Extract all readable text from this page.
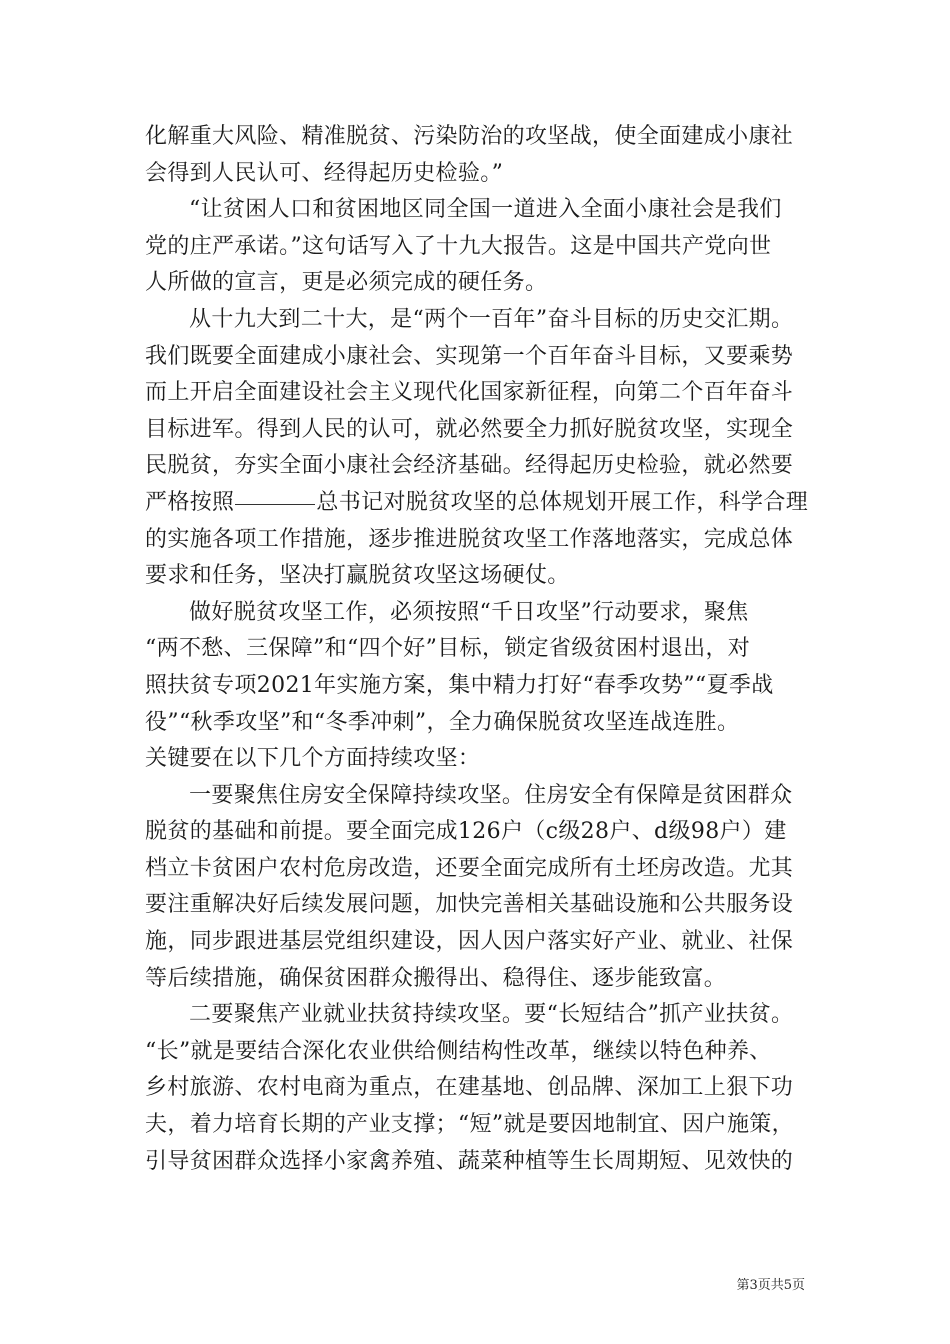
化解重大风险、精准脱贫、污染防治的攻坚战，使全面建成小康社
会得到人民认可、经得起历史检验。”
“让贫困人口和贫困地区同全国一道进入全面小康社会是我们
党的庄严承诺。”这句话写入了十九大报告。这是中国共产党向世
人所做的宣言，更是必须完成的硬任务。
从十九大到二十大，是“两个一百年”奋斗目标的历史交汇期。
我们既要全面建成小康社会、实现第一个百年奋斗目标，又要乘势
而上开启全面建设社会主义现代化国家新征程，向第二个百年奋斗
目标进军。得到人民的认可，就必然要全力抓好脱贫攻坚，实现全
民脱贫，夯实全面小康社会经济基础。经得起历史检验，就必然要
严格按照	总书记对脱贫攻坚的总体规划开展工作，科学合理
的实施各项工作措施，逐步推进脱贫攻坚工作落地落实，完成总体
要求和任务，坚决打赢脱贫攻坚这场硬仗。
做好脱贫攻坚工作，必须按照“千日攻坚”行动要求，聚焦
“两不愁、三保障”和“四个好”目标，锁定省级贫困村退出，对
照扶贫专项2021年实施方案，集中精力打好“春季攻势”“夏季战
役”“秋季攻坚”和“冬季冲刺”，全力确保脱贫攻坚连战连胜。
关键要在以下几个方面持续攻坚：
一要聚焦住房安全保障持续攻坚。住房安全有保障是贫困群众
脱贫的基础和前提。要全面完成126户（c级28户、d级98户）建
档立卡贫困户农村危房改造，还要全面完成所有土坯房改造。尤其
要注重解决好后续发展问题，加快完善相关基础设施和公共服务设
施，同步跟进基层党组织建设，因人因户落实好产业、就业、社保
等后续措施，确保贫困群众搬得出、稳得住、逐步能致富。
二要聚焦产业就业扶贫持续攻坚。要“长短结合”抓产业扶贫。
“长”就是要结合深化农业供给侧结构性改革，继续以特色种养、
乡村旅游、农村电商为重点，在建基地、创品牌、深加工上狠下功
夫，着力培育长期的产业支撑；“短”就是要因地制宜、因户施策，
引导贫困群众选择小家禽养殖、蔬菜种植等生长周期短、见效快的
第3页共5页
